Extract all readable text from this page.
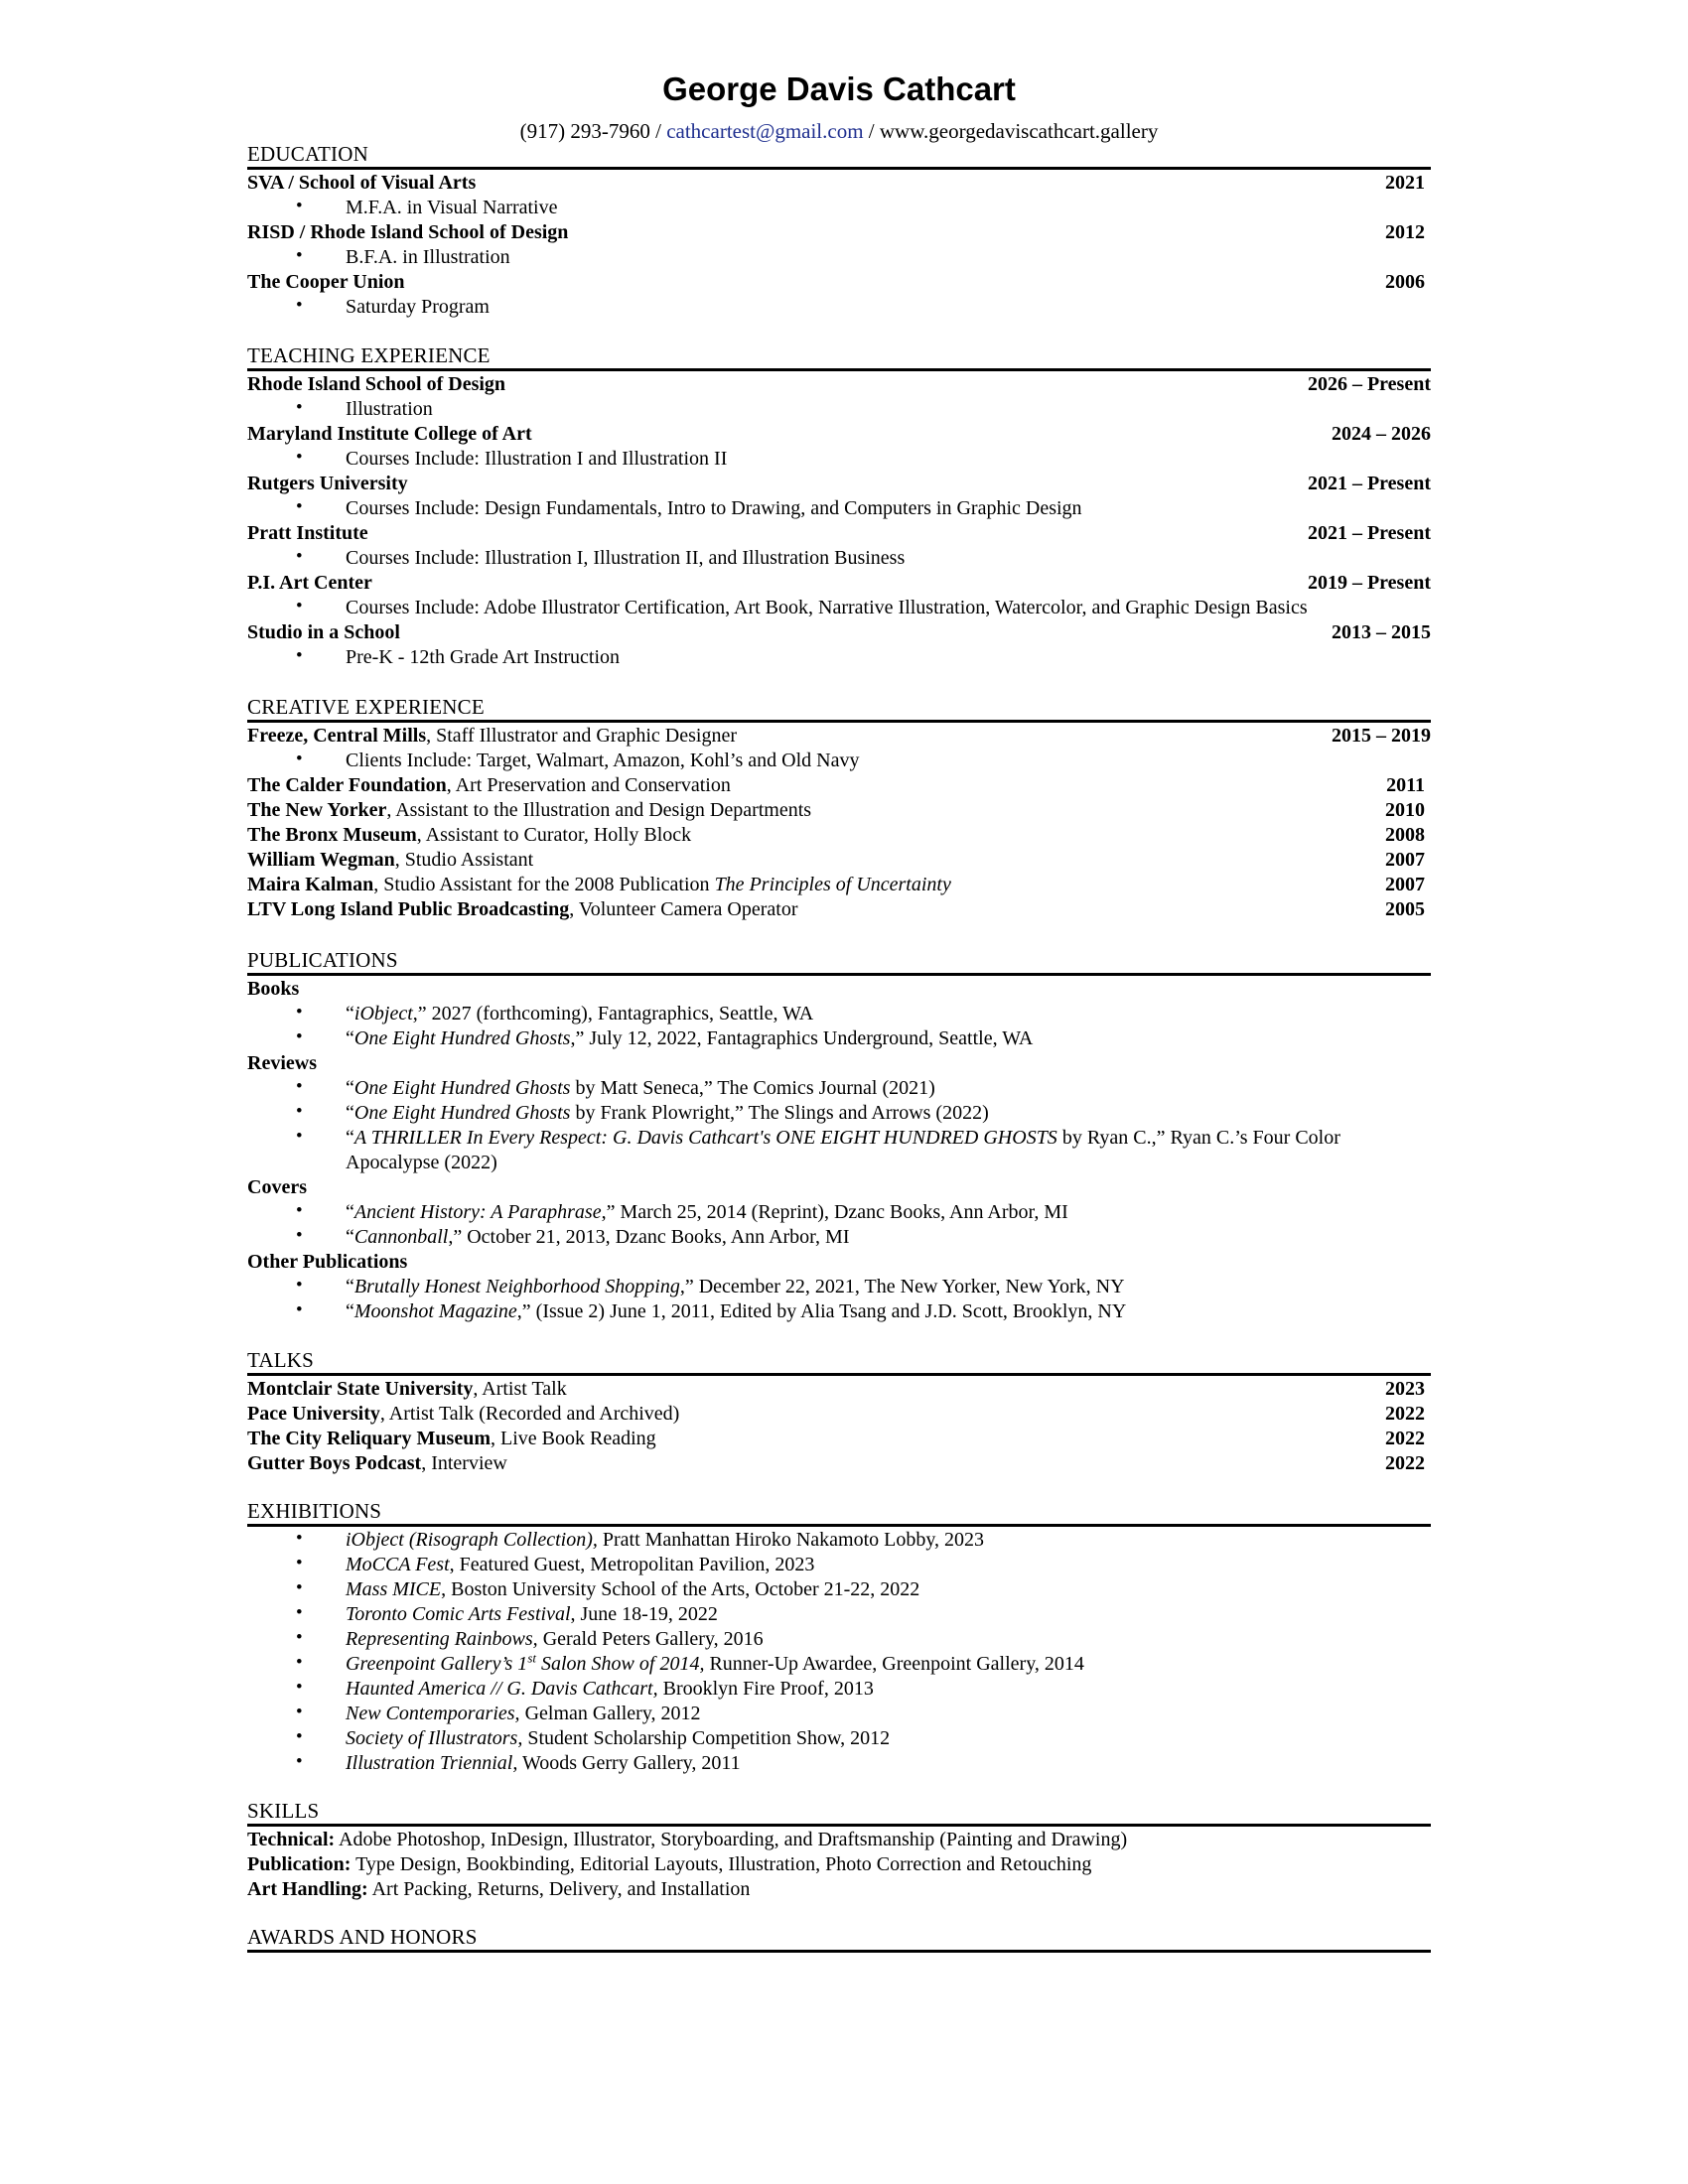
George Davis Cathcart
(917) 293-7960 / cathcartest@gmail.com / www.georgedaviscathcart.gallery
EDUCATION
SVA / School of Visual Arts	2021
• M.F.A. in Visual Narrative
RISD / Rhode Island School of Design	2012
• B.F.A. in Illustration
The Cooper Union	2006
• Saturday Program
TEACHING EXPERIENCE
Rhode Island School of Design	2026 – Present
• Illustration
Maryland Institute College of Art	2024 – 2026
• Courses Include: Illustration I and Illustration II
Rutgers University	2021 – Present
• Courses Include: Design Fundamentals, Intro to Drawing, and Computers in Graphic Design
Pratt Institute	2021 – Present
• Courses Include: Illustration I, Illustration II, and Illustration Business
P.I. Art Center	2019 – Present
• Courses Include: Adobe Illustrator Certification, Art Book, Narrative Illustration, Watercolor, and Graphic Design Basics
Studio in a School	2013 – 2015
• Pre-K - 12th Grade Art Instruction
CREATIVE EXPERIENCE
Freeze, Central Mills, Staff Illustrator and Graphic Designer	2015 – 2019
• Clients Include: Target, Walmart, Amazon, Kohl’s and Old Navy
The Calder Foundation, Art Preservation and Conservation	2011
The New Yorker, Assistant to the Illustration and Design Departments	2010
The Bronx Museum, Assistant to Curator, Holly Block	2008
William Wegman, Studio Assistant	2007
Maira Kalman, Studio Assistant for the 2008 Publication The Principles of Uncertainty	2007
LTV Long Island Public Broadcasting, Volunteer Camera Operator	2005
PUBLICATIONS
Books
• “iObject,” 2027 (forthcoming), Fantagraphics, Seattle, WA
• “One Eight Hundred Ghosts,” July 12, 2022, Fantagraphics Underground, Seattle, WA
Reviews
• “One Eight Hundred Ghosts by Matt Seneca,” The Comics Journal (2021)
• “One Eight Hundred Ghosts by Frank Plowright,” The Slings and Arrows (2022)
• “A THRILLER In Every Respect: G. Davis Cathcart's ONE EIGHT HUNDRED GHOSTS by Ryan C.,” Ryan C.’s Four Color Apocalypse (2022)
Covers
• “Ancient History: A Paraphrase,” March 25, 2014 (Reprint), Dzanc Books, Ann Arbor, MI
• “Cannonball,” October 21, 2013, Dzanc Books, Ann Arbor, MI
Other Publications
• “Brutally Honest Neighborhood Shopping,” December 22, 2021, The New Yorker, New York, NY
• “Moonshot Magazine,” (Issue 2) June 1, 2011, Edited by Alia Tsang and J.D. Scott, Brooklyn, NY
TALKS
Montclair State University, Artist Talk	2023
Pace University, Artist Talk (Recorded and Archived)	2022
The City Reliquary Museum, Live Book Reading	2022
Gutter Boys Podcast, Interview	2022
EXHIBITIONS
• iObject (Risograph Collection), Pratt Manhattan Hiroko Nakamoto Lobby, 2023
• MoCCA Fest, Featured Guest, Metropolitan Pavilion, 2023
• Mass MICE, Boston University School of the Arts, October 21-22, 2022
• Toronto Comic Arts Festival, June 18-19, 2022
• Representing Rainbows, Gerald Peters Gallery, 2016
• Greenpoint Gallery’s 1st Salon Show of 2014, Runner-Up Awardee, Greenpoint Gallery, 2014
• Haunted America // G. Davis Cathcart, Brooklyn Fire Proof, 2013
• New Contemporaries, Gelman Gallery, 2012
• Society of Illustrators, Student Scholarship Competition Show, 2012
• Illustration Triennial, Woods Gerry Gallery, 2011
SKILLS
Technical: Adobe Photoshop, InDesign, Illustrator, Storyboarding, and Draftsmanship (Painting and Drawing)
Publication: Type Design, Bookbinding, Editorial Layouts, Illustration, Photo Correction and Retouching
Art Handling: Art Packing, Returns, Delivery, and Installation
AWARDS AND HONORS
